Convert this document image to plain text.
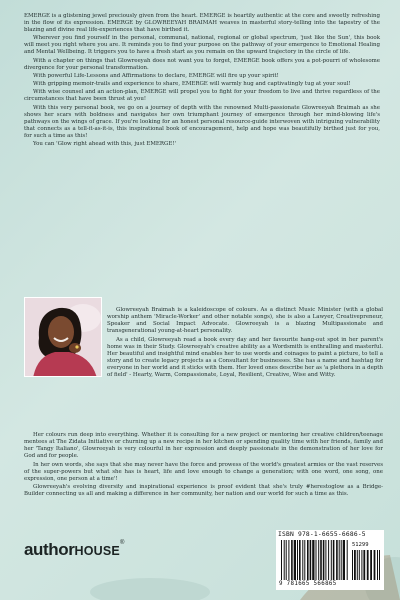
EMERGE is a glistening jewel preciously given from the heart. EMERGE is heartily authentic at the core and sweetly refreshing in the flow of its expression. EMERGE by GLOWREEYAH BRAIMAH weaves in masterful story-telling into the tapestry of the blazing and divine real life-experiences that have birthed it.

Wherever you find yourself in the personal, communal, national, regional or global spectrum, 'just like the Sun', this book will meet you right where you are. It reminds you to find your purpose on the pathway of your emergence to Emotional Healing and Mental Wellbeing. It triggers you to have a fresh start as you remain on the upward trajectory in the circle of life.

With a chapter on things that Glowreeyah does not want you to forget, EMERGE book offers you a pot-pourri of wholesome divergence for your personal transformation.

With powerful Life-Lessons and Affirmations to declare, EMERGE will fire up your spirit!

With gripping memoir-trails and experience to share, EMERGE will warmly hug and captivatingly tug at your soul!

With wise counsel and an action-plan, EMERGE will propel you to fight for your freedom to live and thrive regardless of the circumstances that have been thrust at you!

With this very personal book, we go on a journey of depth with the renowned Multi-passionate Glowreeyah Braimah as she shows her scars with boldness and navigates her own triumphant journey of emergence through her mind-blowing life's pathways on the wings of grace. If you're looking for an honest personal resource-guide interwoven with intriguing vulnerability that connects as a tell-it-as-it-is, this inspirational book of encouragement, help and hope was beautifully birthed just for you, for such a time as this!

You can 'Glow right ahead with this, just EMERGE!'

Glowreeyah Braimah is a kaleidoscope of colours. As a distinct Music Minister (with a global worship anthem 'Miracle-Worker' and other notable songs), she is also a Lawyer, Creativepreneur, Speaker and Social Impact Advocate. Glowreeyah is a blazing Multipassionate and transgenerational young-at-heart personality.

As a child, Glowreeyah read a book every day and her favourite hang-out spot in her parent's home was in their Study. Glowreeyah's creative ability as a Wordsmith is enthralling and masterful. Her beautiful and insightful mind enables her to use words and coinages to paint a picture, to tell a story and to create legacy projects as a Consultant for businesses. She has a name and hashtag for everyone in her world and it sticks with them. Her loved ones describe her as 'a plethora in a depth of field' - Hearty, Warm, Compassionate, Loyal, Resilient, Creative, Wise and Witty.

Her colours run deep into everything. Whether it is consulting for a new project or mentoring her creative children/teenage mentees at The Zidata Initiative or churning up a new recipe in her kitchen or spending quality time with her friends, family and her 'Tangy Italiano', Glowreeyah is very colourful in her expression and deeply passionate in the demonstration of her love for God and for people.

In her own words, she says that she may never have the force and prowess of the world's greatest armies or the vast reserves of the super-powers but what she has is heart, life and love enough to change a generation; with one word, one song, one expression, one person at a time'!

Glowreeyah's evolving diversity and inspirational experience is proof evident that she's truly #herestoglow as a Bridge-Builder connecting us all and making a difference in her community, her nation and our world for such a time as this.

ISBN 978-1-6655-6686-5
51299
9 781665 566865
authorHOUSE®
